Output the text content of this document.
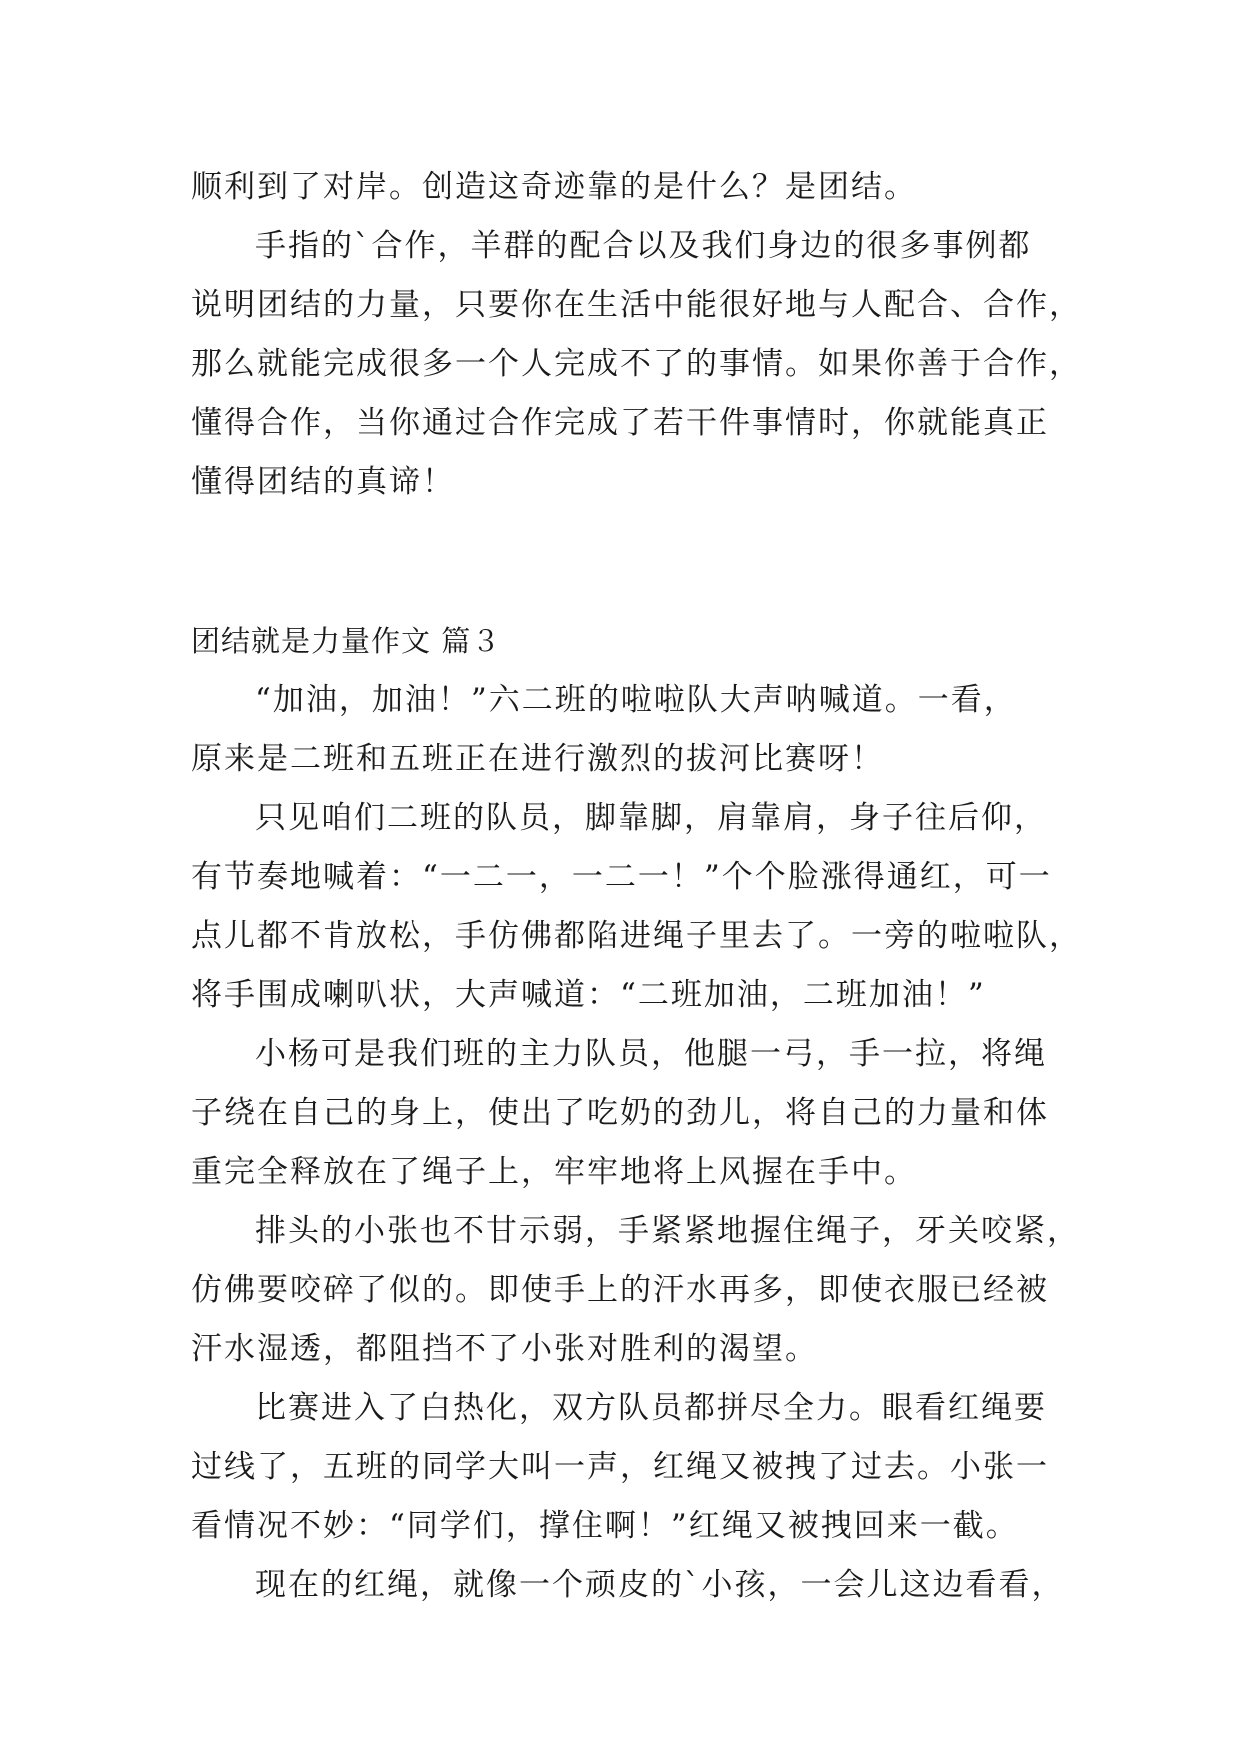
顺利到了对岸。创造这奇迹靠的是什么？是团结。
手指的`合作，羊群的配合以及我们身边的很多事例都
说明团结的力量，只要你在生活中能很好地与人配合、合作，
那么就能完成很多一个人完成不了的事情。如果你善于合作，
懂得合作，当你通过合作完成了若干件事情时，你就能真正
懂得团结的真谛！
团结就是力量作文 篇３
“加油，加油！”六二班的啦啦队大声呐喊道。一看，
原来是二班和五班正在进行激烈的拔河比赛呀！
只见咱们二班的队员，脚靠脚，肩靠肩，身子往后仰，
有节奏地喊着：“一二一，一二一！”个个脸涨得通红，可一
点儿都不肯放松，手仿佛都陷进绳子里去了。一旁的啦啦队，
将手围成喇叭状，大声喊道：“二班加油，二班加油！”
小杨可是我们班的主力队员，他腿一弓，手一拉，将绳
子绕在自己的身上，使出了吃奶的劲儿，将自己的力量和体
重完全释放在了绳子上，牢牢地将上风握在手中。
排头的小张也不甘示弱，手紧紧地握住绳子，牙关咬紧，
仿佛要咬碎了似的。即使手上的汗水再多，即使衣服已经被
汗水湿透，都阻挡不了小张对胜利的渴望。
比赛进入了白热化，双方队员都拼尽全力。眼看红绳要
过线了，五班的同学大叫一声，红绳又被拽了过去。小张一
看情况不妙：“同学们，撑住啊！”红绳又被拽回来一截。
现在的红绳，就像一个顽皮的`小孩，一会儿这边看看，
